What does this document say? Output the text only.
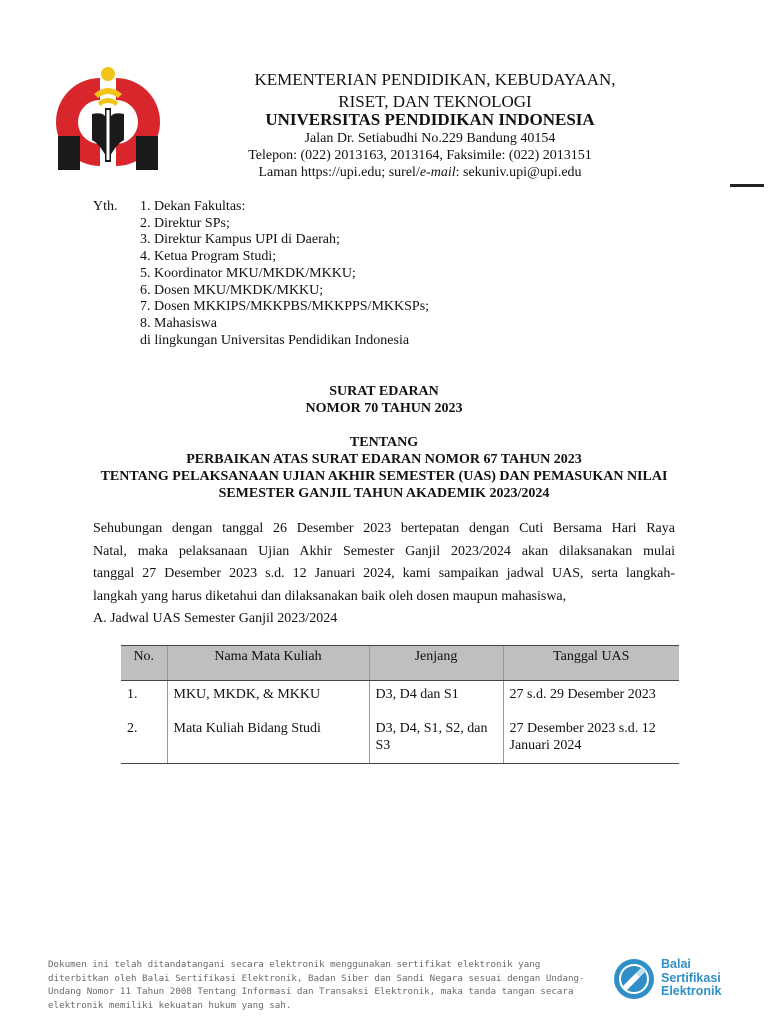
KEMENTERIAN PENDIDIKAN, KEBUDAYAAN,
RISET, DAN TEKNOLOGI
UNIVERSITAS PENDIDIKAN INDONESIA
Jalan Dr. Setiabudhi No.229 Bandung 40154
Telepon: (022) 2013163, 2013164, Faksimile: (022) 2013151
Laman https://upi.edu; surel/e-mail: sekuniv.upi@upi.edu
Yth. 1. Dekan Fakultas:
2. Direktur SPs;
3. Direktur Kampus UPI di Daerah;
4. Ketua Program Studi;
5. Koordinator MKU/MKDK/MKKU;
6. Dosen MKU/MKDK/MKKU;
7. Dosen MKKIPS/MKKPBS/MKKPPS/MKKSPs;
8. Mahasiswa
di lingkungan Universitas Pendidikan Indonesia
SURAT EDARAN
NOMOR 70 TAHUN 2023
TENTANG
PERBAIKAN ATAS SURAT EDARAN NOMOR 67 TAHUN 2023
TENTANG PELAKSANAAN UJIAN AKHIR SEMESTER (UAS) DAN PEMASUKAN NILAI
SEMESTER GANJIL TAHUN AKADEMIK 2023/2024

Sehubungan dengan tanggal 26 Desember 2023 bertepatan dengan Cuti Bersama Hari Raya
Natal, maka pelaksanaan Ujian Akhir Semester Ganjil 2023/2024 akan dilaksanakan mulai
tanggal 27 Desember 2023 s.d. 12 Januari 2024, kami sampaikan jadwal UAS, serta langkah-
langkah yang harus diketahui dan dilaksanakan baik oleh dosen maupun mahasiswa,

A. Jadwal UAS Semester Ganjil 2023/2024
No.	Nama Mata Kuliah	Jenjang	Tanggal UAS
1.	MKU, MKDK, & MKKU	D3, D4 dan S1	27 s.d. 29 Desember 2023
2.	Mata Kuliah Bidang Studi	D3, D4, S1, S2, dan S3	27 Desember 2023 s.d. 12 Januari 2024
Dokumen ini telah ditandatangani secara elektronik menggunakan sertifikat elektronik yang diterbitkan oleh Balai Sertifikasi Elektronik, Badan Siber dan Sandi Negara sesuai dengan Undang-Undang Nomor 11 Tahun 2008 Tentang Informasi dan Transaksi Elektronik, maka tanda tangan secara elektronik memiliki kekuatan hukum yang sah.
Balai
Sertifikasi
Elektronik
